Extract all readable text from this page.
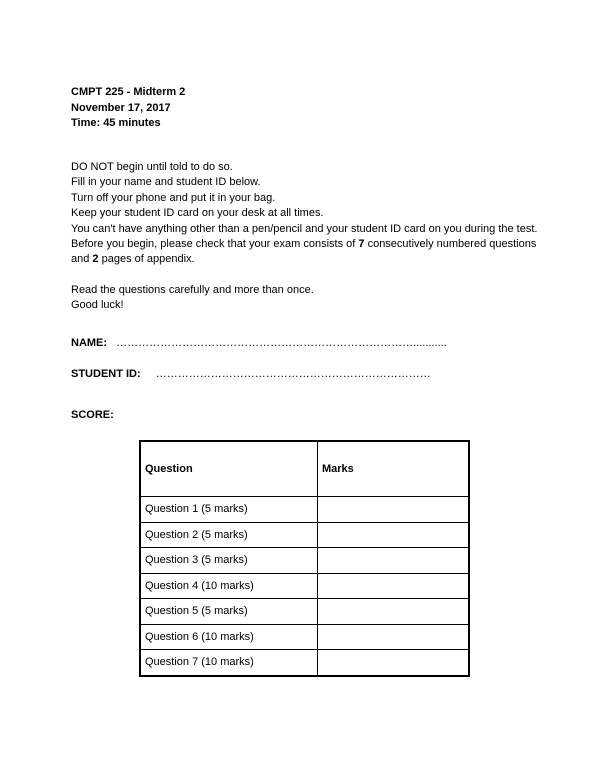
CMPT 225 - Midterm 2
November 17, 2017
Time: 45 minutes
DO NOT begin until told to do so.
Fill in your name and student ID below.
Turn off your phone and put it in your bag.
Keep your student ID card on your desk at all times.
You can't have anything other than a pen/pencil and your student ID card on you during the test.
Before you begin, please check that your exam consists of 7 consecutively numbered questions
and 2 pages of appendix.
Read the questions carefully and more than once.
Good luck!
NAME: ………………………………………………………………………...........
STUDENT ID: …………………………………………………………………
SCORE:
Question	Marks
Question 1 (5 marks)	
Question 2 (5 marks)	
Question 3 (5 marks)	
Question 4 (10 marks)	
Question 5 (5 marks)	
Question 6 (10 marks)	
Question 7 (10 marks)	
